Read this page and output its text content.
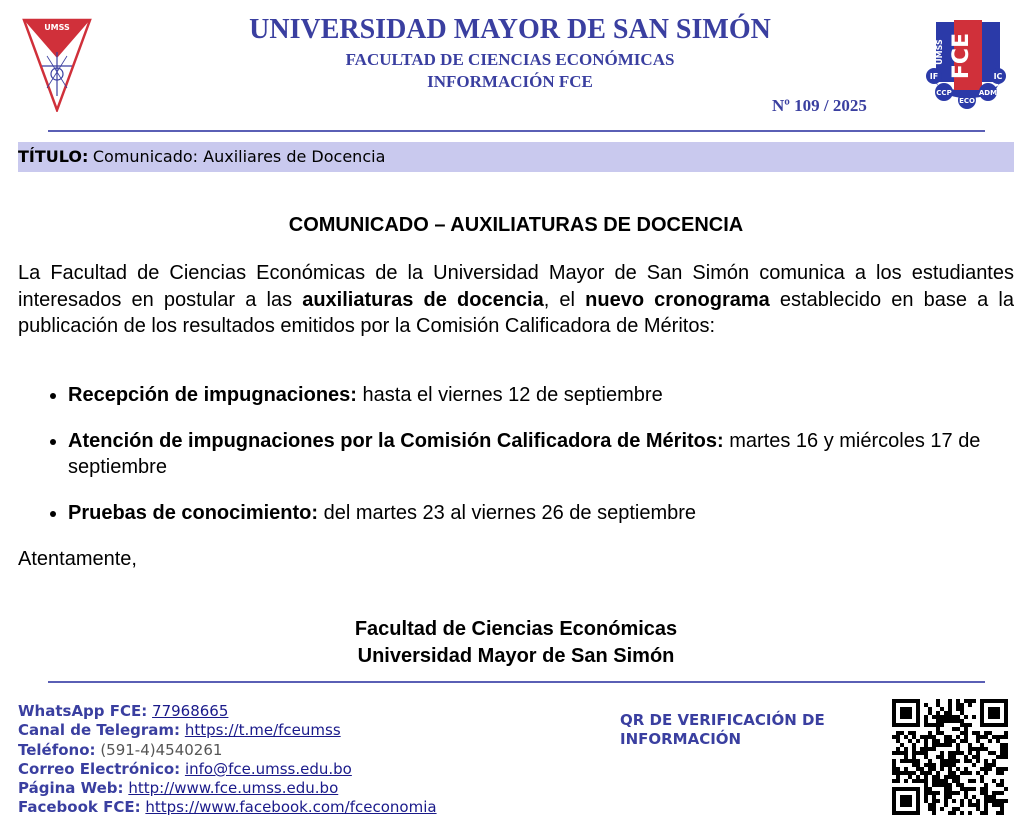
UMSS	UNIVERSIDAD MAYOR DE SAN SIMÓN
FACULTAD DE CIENCIAS ECONÓMICAS
INFORMACIÓN FCE
Nº 109 / 2025
FCE
UMSS
IF	IC
CCP
ECO
ADM
TÍTULO: Comunicado: Auxiliares de Docencia
COMUNICADO – AUXILIATURAS DE DOCENCIA
La Facultad de Ciencias Económicas de la Universidad Mayor de San Simón comunica a los estudiantes interesados en postular a las auxiliaturas de docencia, el nuevo cronograma establecido en base a la publicación de los resultados emitidos por la Comisión Calificadora de Méritos:
• Recepción de impugnaciones: hasta el viernes 12 de septiembre
• Atención de impugnaciones por la Comisión Calificadora de Méritos: martes 16 y miércoles 17 de septiembre
• Pruebas de conocimiento: del martes 23 al viernes 26 de septiembre
Atentamente,
Facultad de Ciencias Económicas
Universidad Mayor de San Simón
WhatsApp FCE: 77968665
Canal de Telegram: https://t.me/fceumss
Teléfono: (591-4)4540261
Correo Electrónico: info@fce.umss.edu.bo
Página Web: http://www.fce.umss.edu.bo
Facebook FCE: https://www.facebook.com/fceconomia
QR DE VERIFICACIÓN DE INFORMACIÓN
